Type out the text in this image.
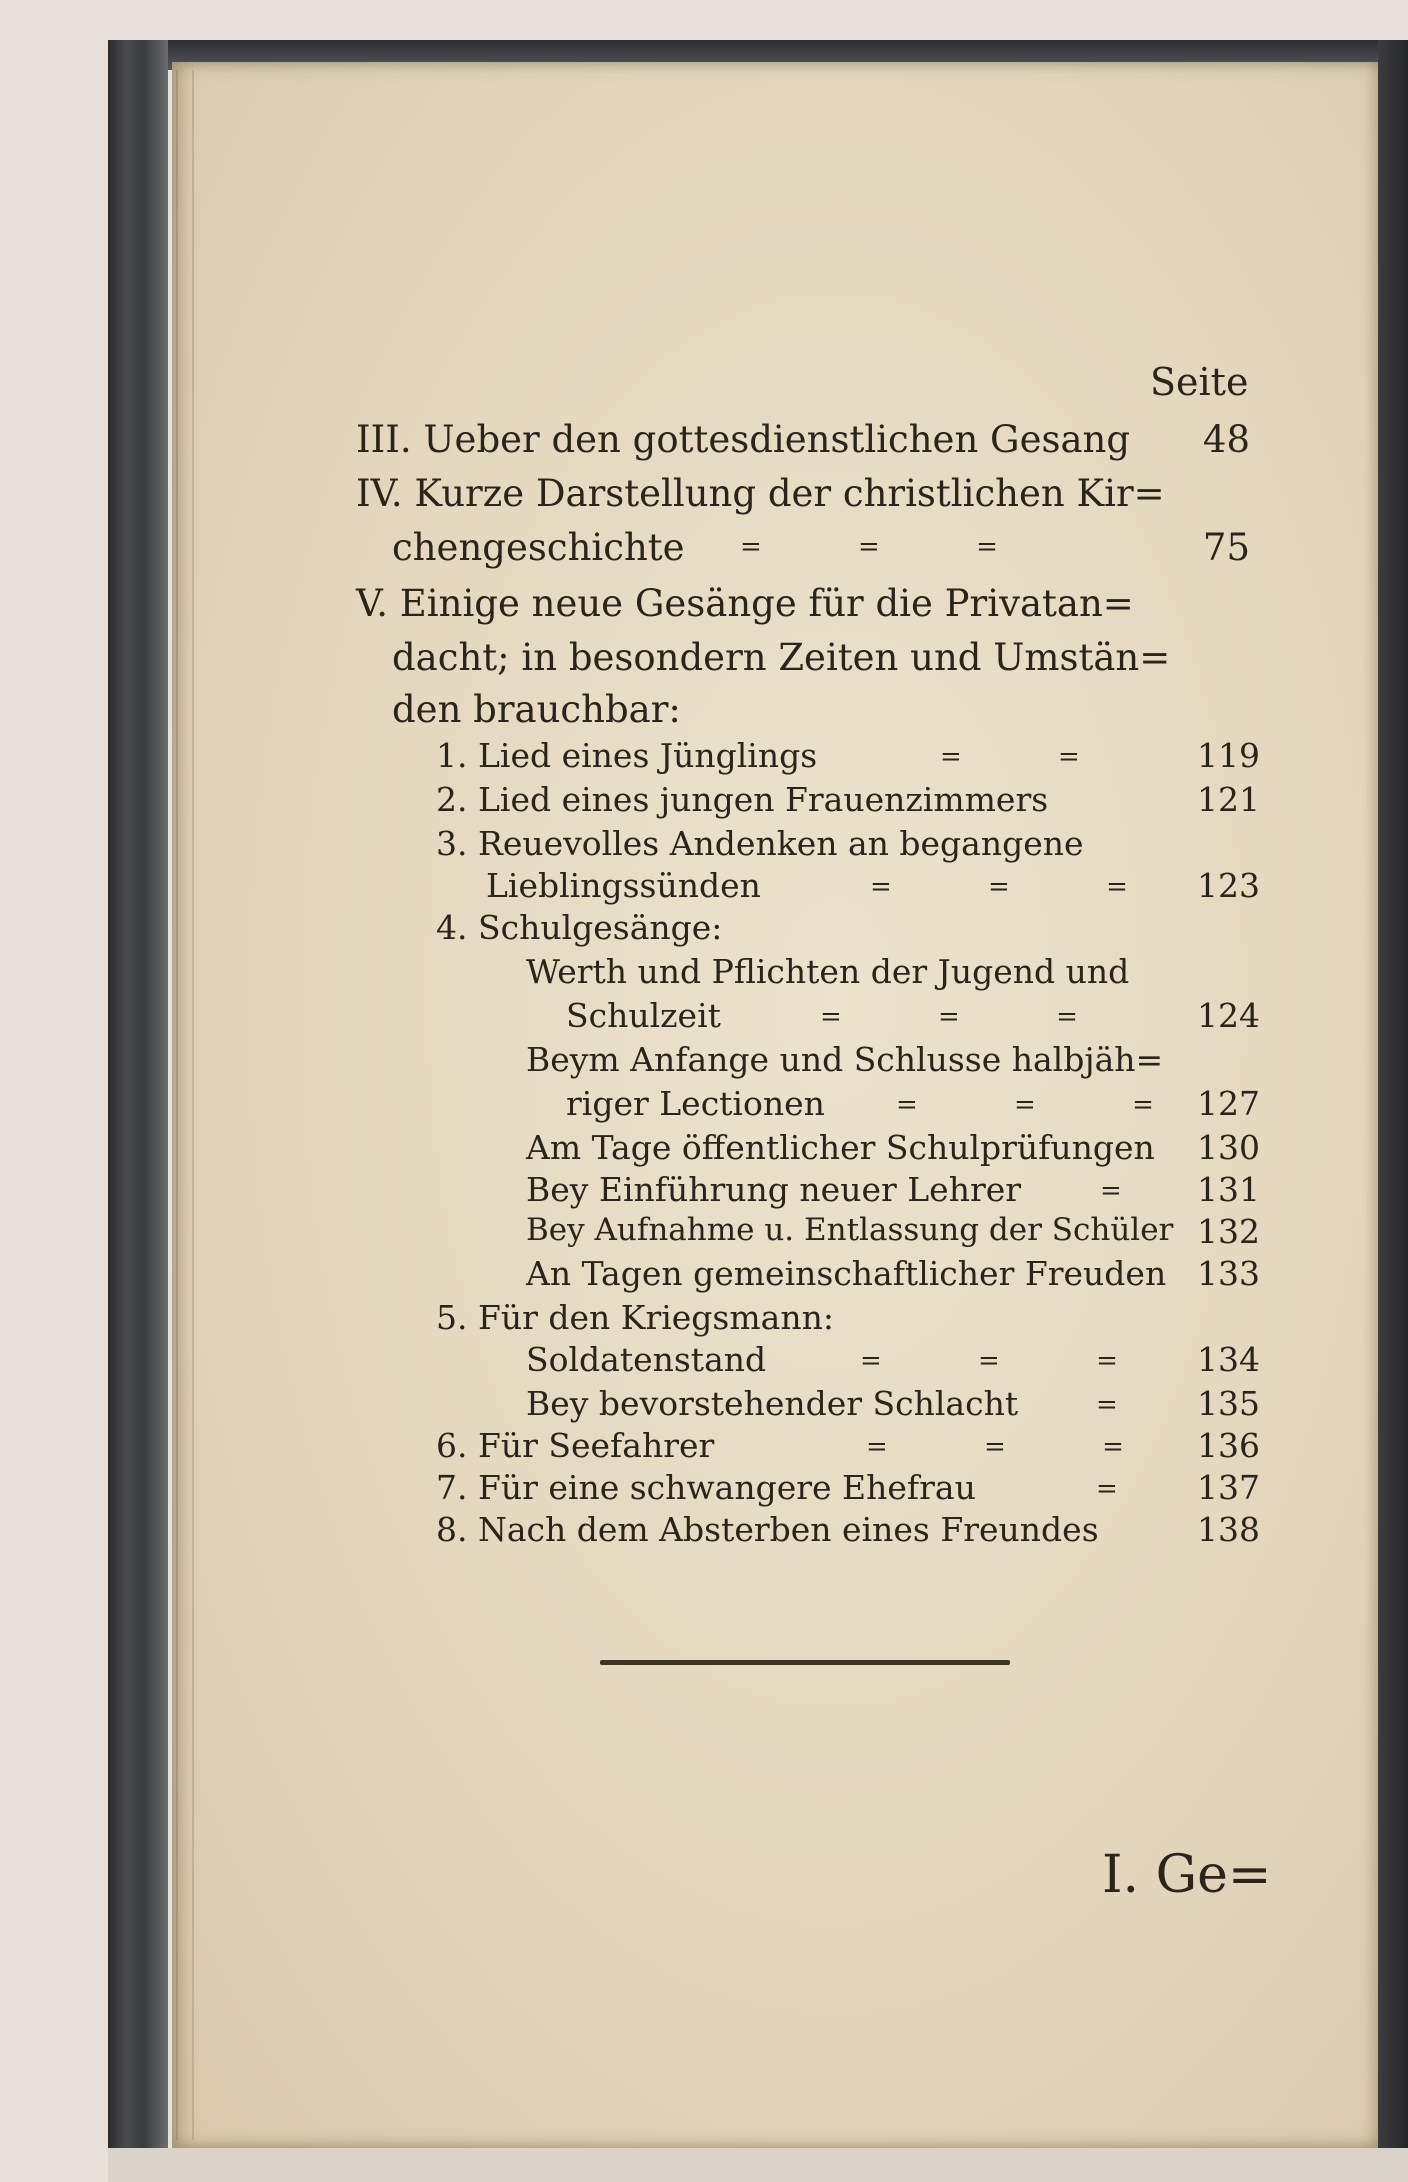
Seite
III. Ueber den gottesdienstlichen Gesang	48
IV. Kurze Darstellung der christlichen Kir=
chengeschichte = = =	75
V. Einige neue Gesänge für die Privatan=
dacht; in besondern Zeiten und Umstän=
den brauchbar:
1. Lied eines Jünglings	= =	119
2. Lied eines jungen Frauenzimmers	121
3. Reuevolles Andenken an begangene
Lieblingssünden	= = = 123
4. Schulgesänge:
Werth und Pflichten der Jugend und
Schulzeit	= = =	124
Beym Anfange und Schlusse halbjäh=
riger Lectionen	= = = 127
Am Tage öffentlicher Schulprüfungen	130
Bey Einführung neuer Lehrer	= 131
Bey Aufnahme u. Entlassung der Schüler 132
An Tagen gemeinschaftlicher Freuden 133
5. Für den Kriegsmann:
Soldatenstand	= = =	134
Bey bevorstehender Schlacht	=	135
6. Für Seefahrer	= = = 136
7. Für eine schwangere Ehefrau	=	137
8. Nach dem Absterben eines Freundes	138
I. Ge=
